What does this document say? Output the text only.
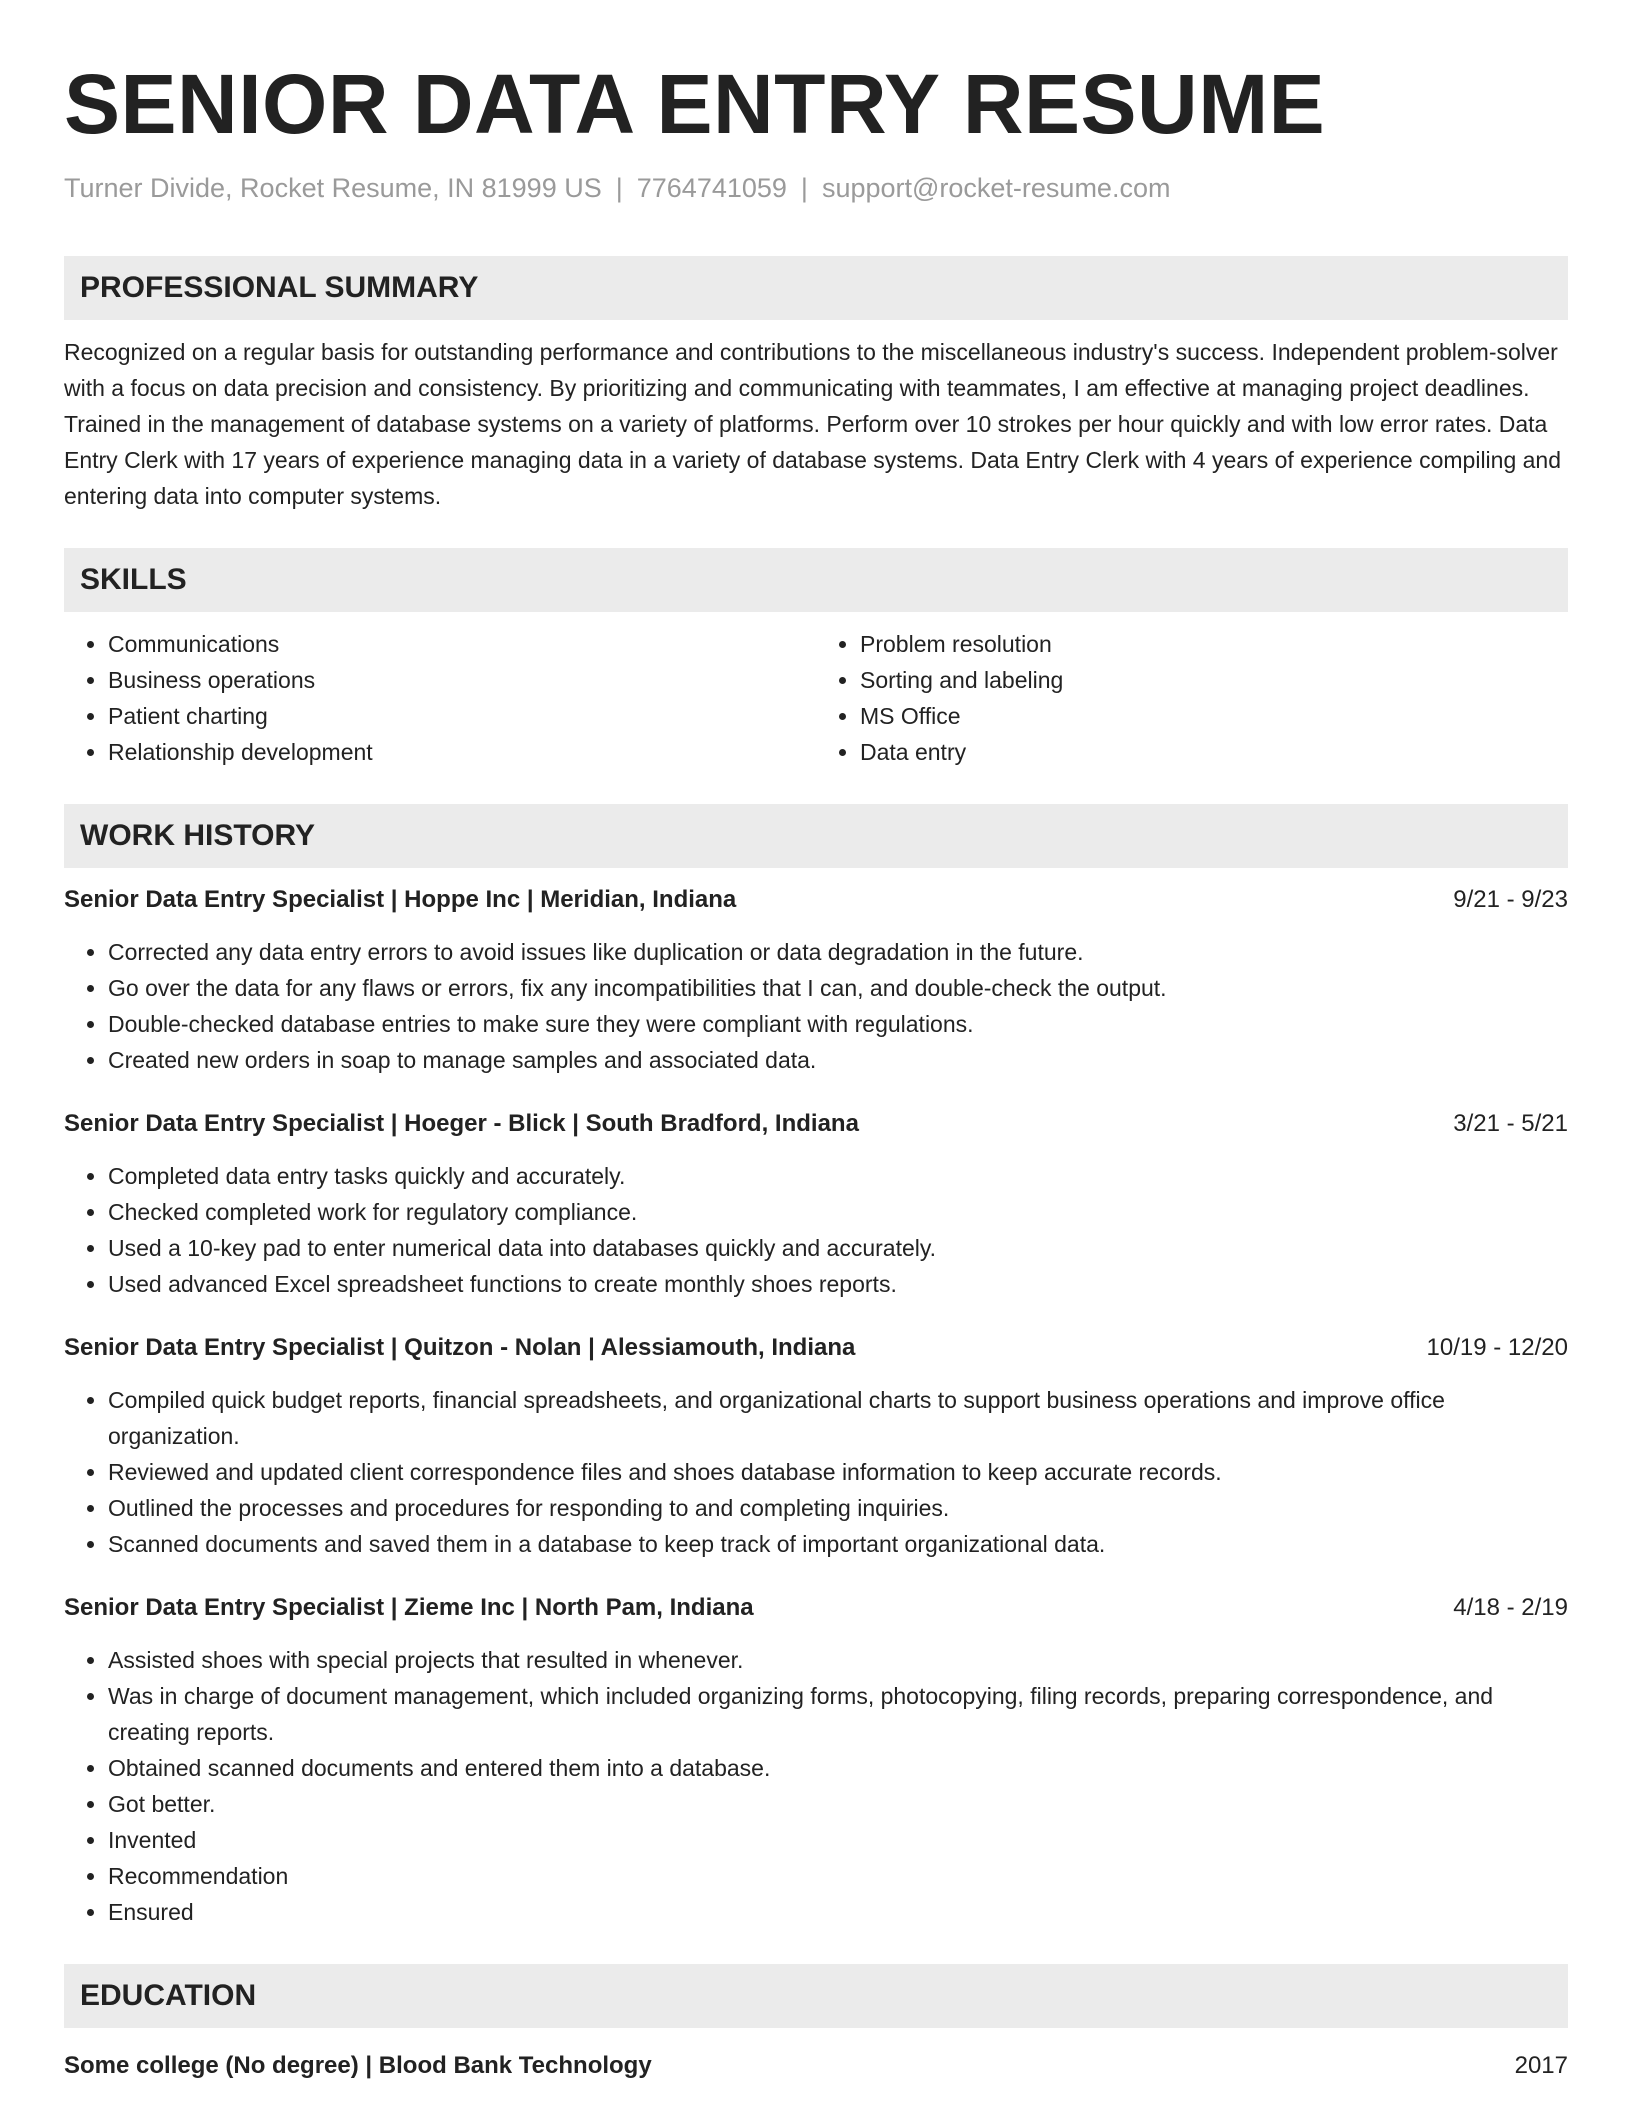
SENIOR DATA ENTRY RESUME
Turner Divide, Rocket Resume, IN 81999 US | 7764741059 | support@rocket-resume.com
PROFESSIONAL SUMMARY

Recognized on a regular basis for outstanding performance and contributions to the miscellaneous industry's success. Independent problem-solver with a focus on data precision and consistency. By prioritizing and communicating with teammates, I am effective at managing project deadlines. Trained in the management of database systems on a variety of platforms. Perform over 10 strokes per hour quickly and with low error rates. Data Entry Clerk with 17 years of experience managing data in a variety of database systems. Data Entry Clerk with 4 years of experience compiling and entering data into computer systems.

SKILLS
• Communications
• Business operations
• Patient charting
• Relationship development
• Problem resolution
• Sorting and labeling
• MS Office
• Data entry
WORK HISTORY
Senior Data Entry Specialist | Hoppe Inc | Meridian, Indiana	9/21 - 9/23
• Corrected any data entry errors to avoid issues like duplication or data degradation in the future.
• Go over the data for any flaws or errors, fix any incompatibilities that I can, and double-check the output.
• Double-checked database entries to make sure they were compliant with regulations.
• Created new orders in soap to manage samples and associated data.
Senior Data Entry Specialist | Hoeger - Blick | South Bradford, Indiana	3/21 - 5/21
• Completed data entry tasks quickly and accurately.
• Checked completed work for regulatory compliance.
• Used a 10-key pad to enter numerical data into databases quickly and accurately.
• Used advanced Excel spreadsheet functions to create monthly shoes reports.
Senior Data Entry Specialist | Quitzon - Nolan | Alessiamouth, Indiana	10/19 - 12/20
• Compiled quick budget reports, financial spreadsheets, and organizational charts to support business operations and improve office organization.
• Reviewed and updated client correspondence files and shoes database information to keep accurate records.
• Outlined the processes and procedures for responding to and completing inquiries.
• Scanned documents and saved them in a database to keep track of important organizational data.
Senior Data Entry Specialist | Zieme Inc | North Pam, Indiana	4/18 - 2/19
• Assisted shoes with special projects that resulted in whenever.
• Was in charge of document management, which included organizing forms, photocopying, filing records, preparing correspondence, and creating reports.
• Obtained scanned documents and entered them into a database.
• Got better.
• Invented
• Recommendation
• Ensured
EDUCATION
Some college (No degree) | Blood Bank Technology	2017
